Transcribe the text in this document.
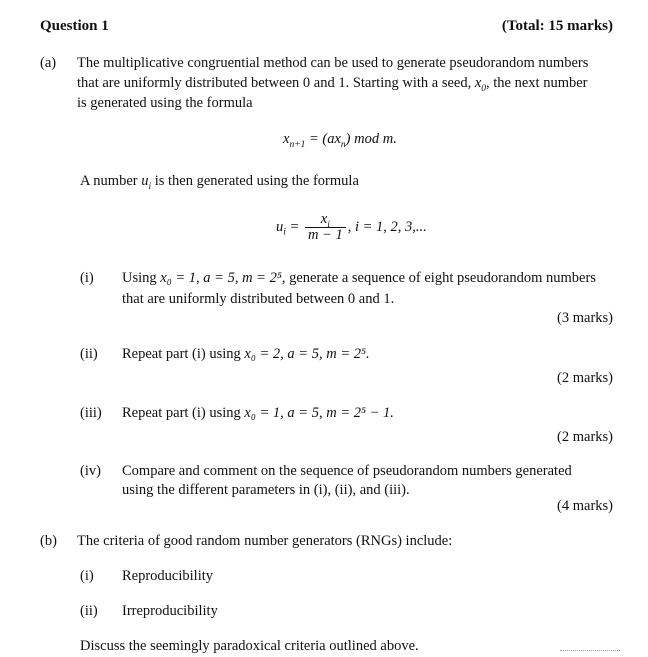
Question 1	(Total: 15 marks)
(a) The multiplicative congruential method can be used to generate pseudorandom numbers
that are uniformly distributed between 0 and 1. Starting with a seed, $x_0$, the next number
is generated using the formula
$x_{n+1} = (ax_n)$ mod m.
A number $u_i$ is then generated using the formula
$u_i = \frac{x_i}{m - 1}$ , i = 1, 2, 3,...
(i) Using x₀ = 1, a = 5, m = 2⁵, generate a sequence of eight pseudorandom numbers
that are uniformly distributed between 0 and 1.
(3 marks)
(ii) Repeat part (i) using x₀ = 2, a = 5, m = 2⁵.
(2 marks)
(iii) Repeat part (i) using x₀ = 1, a = 5, m = 2⁵ − 1.
(2 marks)
(iv) Compare and comment on the sequence of pseudorandom numbers generated
using the different parameters in (i), (ii), and (iii).
(4 marks)
(b) The criteria of good random number generators (RNGs) include:
(i) Reproducibility
(ii) Irreproducibility
Discuss the seemingly paradoxical criteria outlined above.
